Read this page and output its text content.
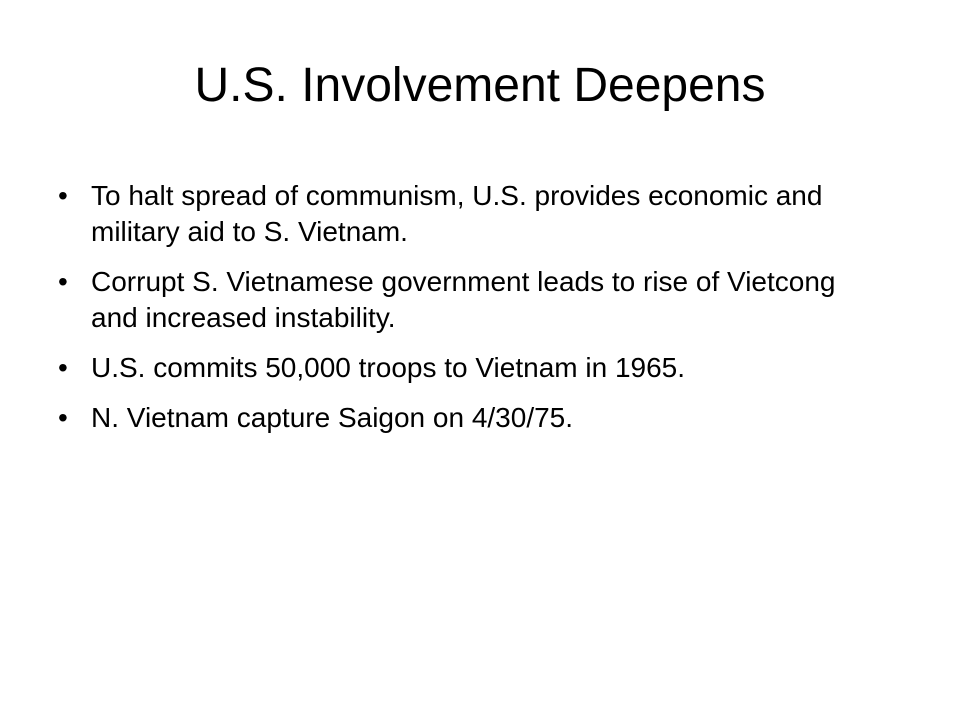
U.S. Involvement Deepens
• To halt spread of communism, U.S. provides economic and military aid to S. Vietnam.
• Corrupt S. Vietnamese government leads to rise of Vietcong and increased instability.
• U.S. commits 50,000 troops to Vietnam in 1965.
• N. Vietnam capture Saigon on 4/30/75.
